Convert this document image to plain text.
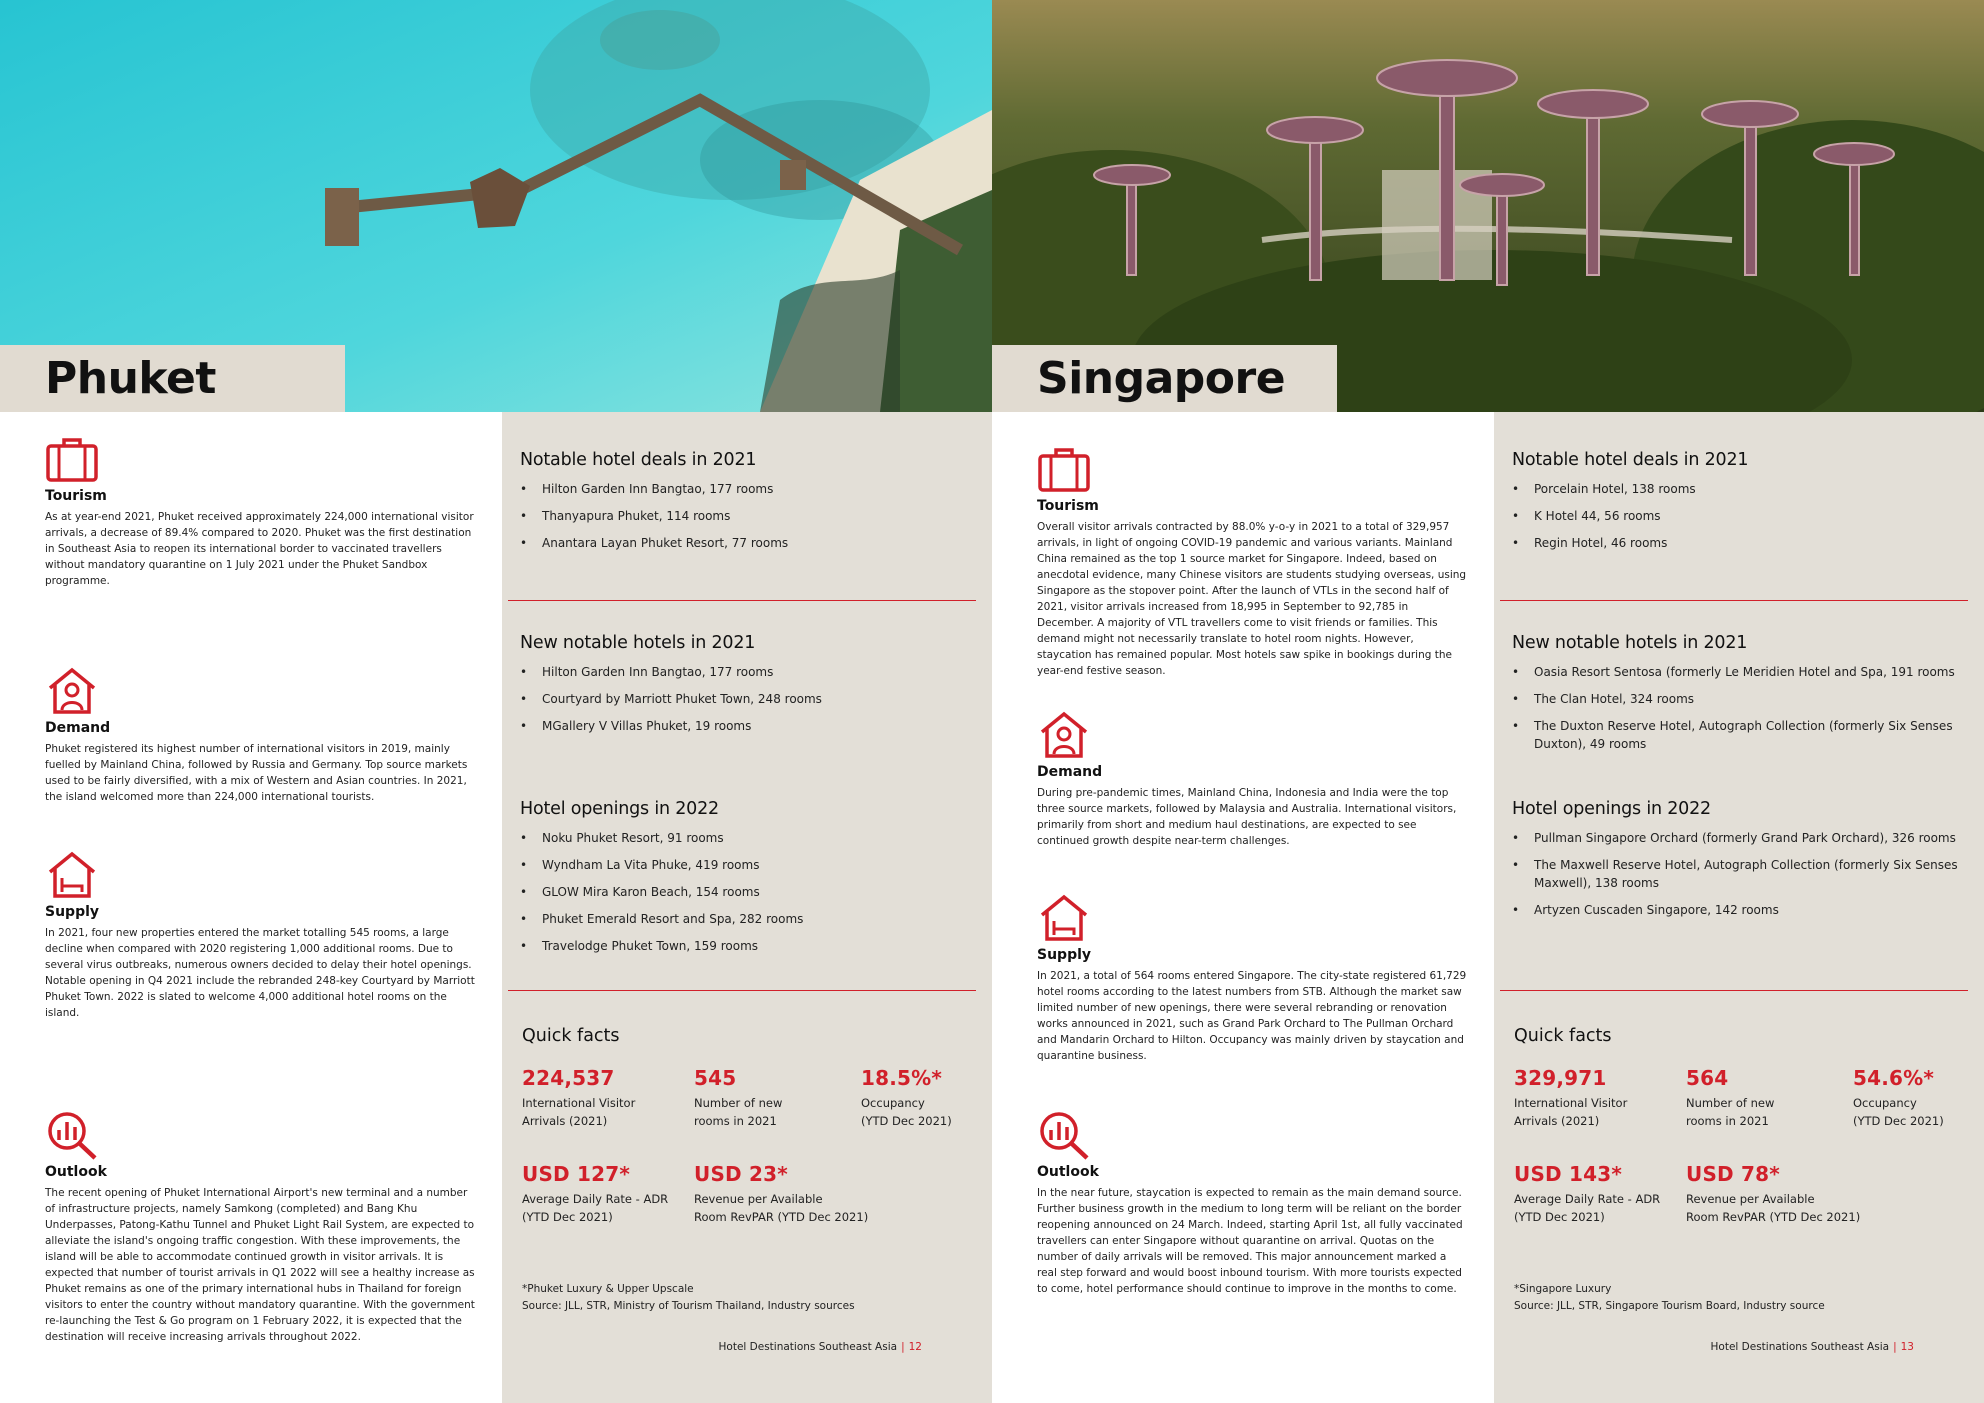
Phuket
Tourism

As at year-end 2021, Phuket received approximately 224,000 international visitor arrivals, a decrease of 89.4% compared to 2020. Phuket was the first destination in Southeast Asia to reopen its international border to vaccinated travellers without mandatory quarantine on 1 July 2021 under the Phuket Sandbox programme.

Demand

Phuket registered its highest number of international visitors in 2019, mainly fuelled by Mainland China, followed by Russia and Germany. Top source markets used to be fairly diversified, with a mix of Western and Asian countries. In 2021, the island welcomed more than 224,000 international tourists.

Supply

In 2021, four new properties entered the market totalling 545 rooms, a large decline when compared with 2020 registering 1,000 additional rooms. Due to several virus outbreaks, numerous owners decided to delay their hotel openings. Notable opening in Q4 2021 include the rebranded 248-key Courtyard by Marriott Phuket Town. 2022 is slated to welcome 4,000 additional hotel rooms on the island.

Outlook

The recent opening of Phuket International Airport's new terminal and a number of infrastructure projects, namely Samkong (completed) and Bang Khu Underpasses, Patong-Kathu Tunnel and Phuket Light Rail System, are expected to alleviate the island's ongoing traffic congestion. With these improvements, the island will be able to accommodate continued growth in visitor arrivals. It is expected that number of tourist arrivals in Q1 2022 will see a healthy increase as Phuket remains as one of the primary international hubs in Thailand for foreign visitors to enter the country without mandatory quarantine. With the government re-launching the Test & Go program on 1 February 2022, it is expected that the destination will receive increasing arrivals throughout 2022.

Notable hotel deals in 2021
• Hilton Garden Inn Bangtao, 177 rooms
• Thanyapura Phuket, 114 rooms
• Anantara Layan Phuket Resort, 77 rooms
New notable hotels in 2021
• Hilton Garden Inn Bangtao, 177 rooms
• Courtyard by Marriott Phuket Town, 248 rooms
• MGallery V Villas Phuket, 19 rooms
Hotel openings in 2022
• Noku Phuket Resort, 91 rooms
• Wyndham La Vita Phuke, 419 rooms
• GLOW Mira Karon Beach, 154 rooms
• Phuket Emerald Resort and Spa, 282 rooms
• Travelodge Phuket Town, 159 rooms
Quick facts
224,537
International Visitor
Arrivals (2021)
545
Number of new
rooms in 2021
18.5%*
Occupancy
(YTD Dec 2021)
USD 127*
Average Daily Rate - ADR
(YTD Dec 2021)
USD 23*
Revenue per Available
Room RevPAR (YTD Dec 2021)
*Phuket Luxury & Upper Upscale
Source: JLL, STR, Ministry of Tourism Thailand, Industry sources
Hotel Destinations Southeast Asia | 12
Singapore
Tourism

Overall visitor arrivals contracted by 88.0% y-o-y in 2021 to a total of 329,957 arrivals, in light of ongoing COVID-19 pandemic and various variants. Mainland China remained as the top 1 source market for Singapore. Indeed, based on anecdotal evidence, many Chinese visitors are students studying overseas, using Singapore as the stopover point. After the launch of VTLs in the second half of 2021, visitor arrivals increased from 18,995 in September to 92,785 in December. A majority of VTL travellers come to visit friends or families. This demand might not necessarily translate to hotel room nights. However, staycation has remained popular. Most hotels saw spike in bookings during the year-end festive season.

Demand

During pre-pandemic times, Mainland China, Indonesia and India were the top three source markets, followed by Malaysia and Australia. International visitors, primarily from short and medium haul destinations, are expected to see continued growth despite near-term challenges.

Supply

In 2021, a total of 564 rooms entered Singapore. The city-state registered 61,729 hotel rooms according to the latest numbers from STB. Although the market saw limited number of new openings, there were several rebranding or renovation works announced in 2021, such as Grand Park Orchard to The Pullman Orchard and Mandarin Orchard to Hilton. Occupancy was mainly driven by staycation and quarantine business.

Outlook

In the near future, staycation is expected to remain as the main demand source. Further business growth in the medium to long term will be reliant on the border reopening announced on 24 March. Indeed, starting April 1st, all fully vaccinated travellers can enter Singapore without quarantine on arrival. Quotas on the number of daily arrivals will be removed. This major announcement marked a real step forward and would boost inbound tourism. With more tourists expected to come, hotel performance should continue to improve in the months to come.

Notable hotel deals in 2021
• Porcelain Hotel, 138 rooms
• K Hotel 44, 56 rooms
• Regin Hotel, 46 rooms
New notable hotels in 2021
• Oasia Resort Sentosa (formerly Le Meridien Hotel and Spa, 191 rooms
• The Clan Hotel, 324 rooms
• The Duxton Reserve Hotel, Autograph Collection (formerly Six Senses Duxton), 49 rooms
Hotel openings in 2022
• Pullman Singapore Orchard (formerly Grand Park Orchard), 326 rooms
• The Maxwell Reserve Hotel, Autograph Collection (formerly Six Senses Maxwell), 138 rooms
• Artyzen Cuscaden Singapore, 142 rooms
Quick facts
329,971
International Visitor
Arrivals (2021)
564
Number of new
rooms in 2021
54.6%*
Occupancy
(YTD Dec 2021)
USD 143*
Average Daily Rate - ADR
(YTD Dec 2021)
USD 78*
Revenue per Available
Room RevPAR (YTD Dec 2021)
*Singapore Luxury
Source: JLL, STR, Singapore Tourism Board, Industry source
Hotel Destinations Southeast Asia | 13
